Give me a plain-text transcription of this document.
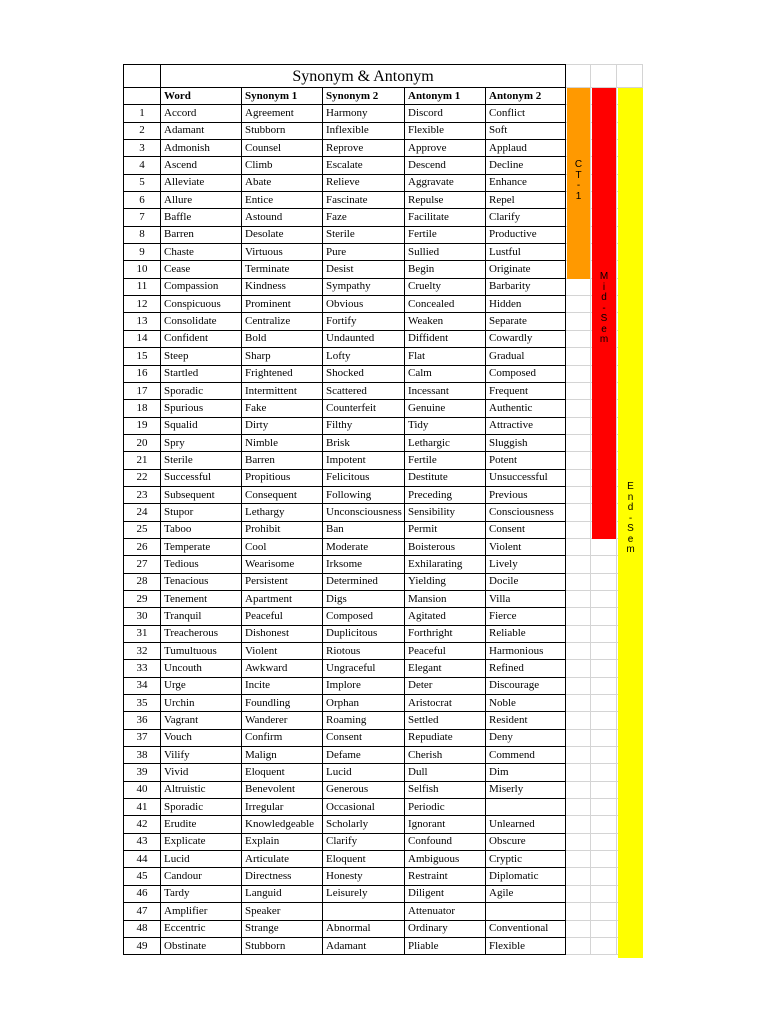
	Synonym & Antonym							
	Word	Synonym 1	Synonym 2	Antonym 1	Antonym 2			
1	Accord	Agreement	Harmony	Discord	Conflict			
2	Adamant	Stubborn	Inflexible	Flexible	Soft			
3	Admonish	Counsel	Reprove	Approve	Applaud			
4	Ascend	Climb	Escalate	Descend	Decline			
5	Alleviate	Abate	Relieve	Aggravate	Enhance			
6	Allure	Entice	Fascinate	Repulse	Repel			
7	Baffle	Astound	Faze	Facilitate	Clarify			
8	Barren	Desolate	Sterile	Fertile	Productive			
9	Chaste	Virtuous	Pure	Sullied	Lustful			
10	Cease	Terminate	Desist	Begin	Originate			
11	Compassion	Kindness	Sympathy	Cruelty	Barbarity			
12	Conspicuous	Prominent	Obvious	Concealed	Hidden			
13	Consolidate	Centralize	Fortify	Weaken	Separate			
14	Confident	Bold	Undaunted	Diffident	Cowardly			
15	Steep	Sharp	Lofty	Flat	Gradual			
16	Startled	Frightened	Shocked	Calm	Composed			
17	Sporadic	Intermittent	Scattered	Incessant	Frequent			
18	Spurious	Fake	Counterfeit	Genuine	Authentic			
19	Squalid	Dirty	Filthy	Tidy	Attractive			
20	Spry	Nimble	Brisk	Lethargic	Sluggish			
21	Sterile	Barren	Impotent	Fertile	Potent			
22	Successful	Propitious	Felicitous	Destitute	Unsuccessful			
23	Subsequent	Consequent	Following	Preceding	Previous			
24	Stupor	Lethargy	Unconsciousness	Sensibility	Consciousness			
25	Taboo	Prohibit	Ban	Permit	Consent			
26	Temperate	Cool	Moderate	Boisterous	Violent			
27	Tedious	Wearisome	Irksome	Exhilarating	Lively			
28	Tenacious	Persistent	Determined	Yielding	Docile			
29	Tenement	Apartment	Digs	Mansion	Villa			
30	Tranquil	Peaceful	Composed	Agitated	Fierce			
31	Treacherous	Dishonest	Duplicitous	Forthright	Reliable			
32	Tumultuous	Violent	Riotous	Peaceful	Harmonious			
33	Uncouth	Awkward	Ungraceful	Elegant	Refined			
34	Urge	Incite	Implore	Deter	Discourage			
35	Urchin	Foundling	Orphan	Aristocrat	Noble			
36	Vagrant	Wanderer	Roaming	Settled	Resident			
37	Vouch	Confirm	Consent	Repudiate	Deny			
38	Vilify	Malign	Defame	Cherish	Commend			
39	Vivid	Eloquent	Lucid	Dull	Dim			
40	Altruistic	Benevolent	Generous	Selfish	Miserly			
41	Sporadic	Irregular	Occasional	Periodic				
42	Erudite	Knowledgeable	Scholarly	Ignorant	Unlearned			
43	Explicate	Explain	Clarify	Confound	Obscure			
44	Lucid	Articulate	Eloquent	Ambiguous	Cryptic			
45	Candour	Directness	Honesty	Restraint	Diplomatic			
46	Tardy	Languid	Leisurely	Diligent	Agile			
47	Amplifier	Speaker		Attenuator				
48	Eccentric	Strange	Abnormal	Ordinary	Conventional			
49	Obstinate	Stubborn	Adamant	Pliable	Flexible			
C
T
-
1
M
i
d
-
S
e
m
E
n
d
-
S
e
m
